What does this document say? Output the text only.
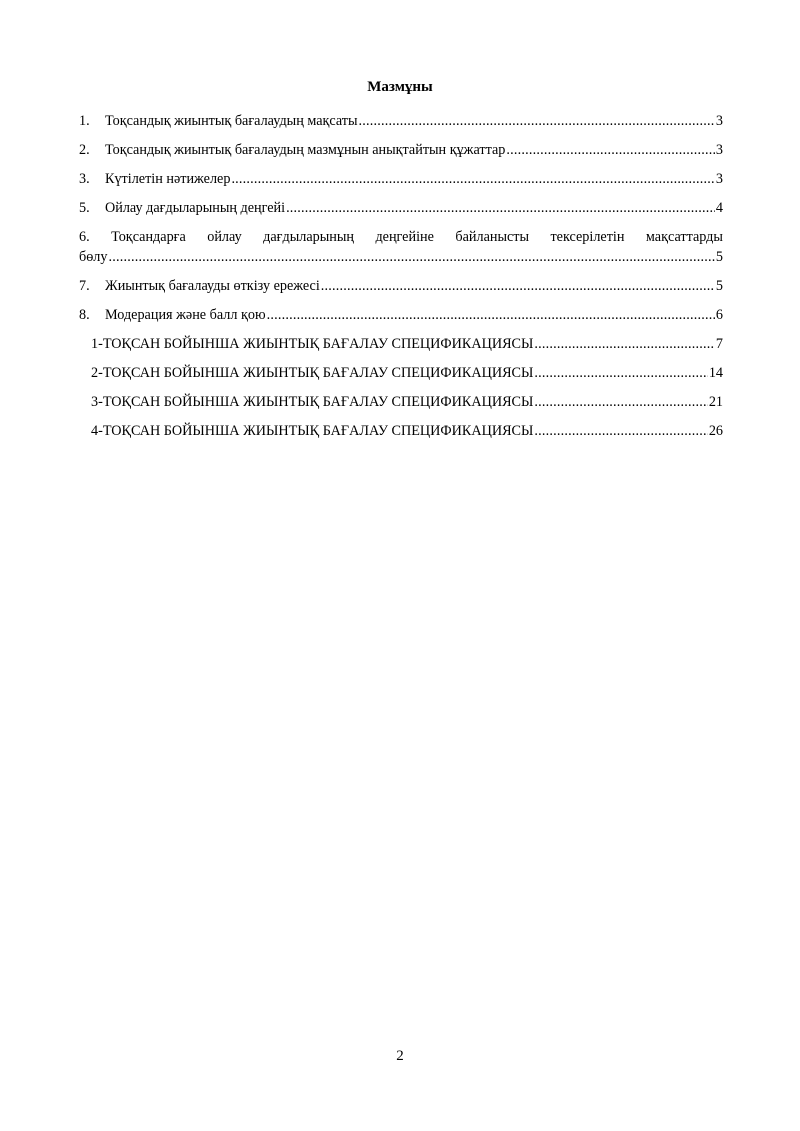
Мазмұны
1.	Тоқсандық жиынтық бағалаудың мақсаты .....	3
2.	Тоқсандық жиынтық бағалаудың мазмұнын анықтайтын құжаттар .....	3
3.	Күтілетін нәтижелер .....	3
5.	Ойлау дағдыларының деңгейі .....	4
6. Тоқсандарға ойлау дағдыларының деңгейіне байланысты тексерілетін мақсаттарды
бөлу .....	5
7.	Жиынтық бағалауды өткізу ережесі .....	5
8.	Модерация және балл қою .....	6
1-ТОҚСАН БОЙЫНША ЖИЫНТЫҚ БАҒАЛАУ СПЕЦИФИКАЦИЯСЫ .....	7
2-ТОҚСАН БОЙЫНША ЖИЫНТЫҚ БАҒАЛАУ СПЕЦИФИКАЦИЯСЫ .....	14
3-ТОҚСАН БОЙЫНША ЖИЫНТЫҚ БАҒАЛАУ СПЕЦИФИКАЦИЯСЫ .....	21
4-ТОҚСАН БОЙЫНША ЖИЫНТЫҚ БАҒАЛАУ СПЕЦИФИКАЦИЯСЫ .....	26
2
